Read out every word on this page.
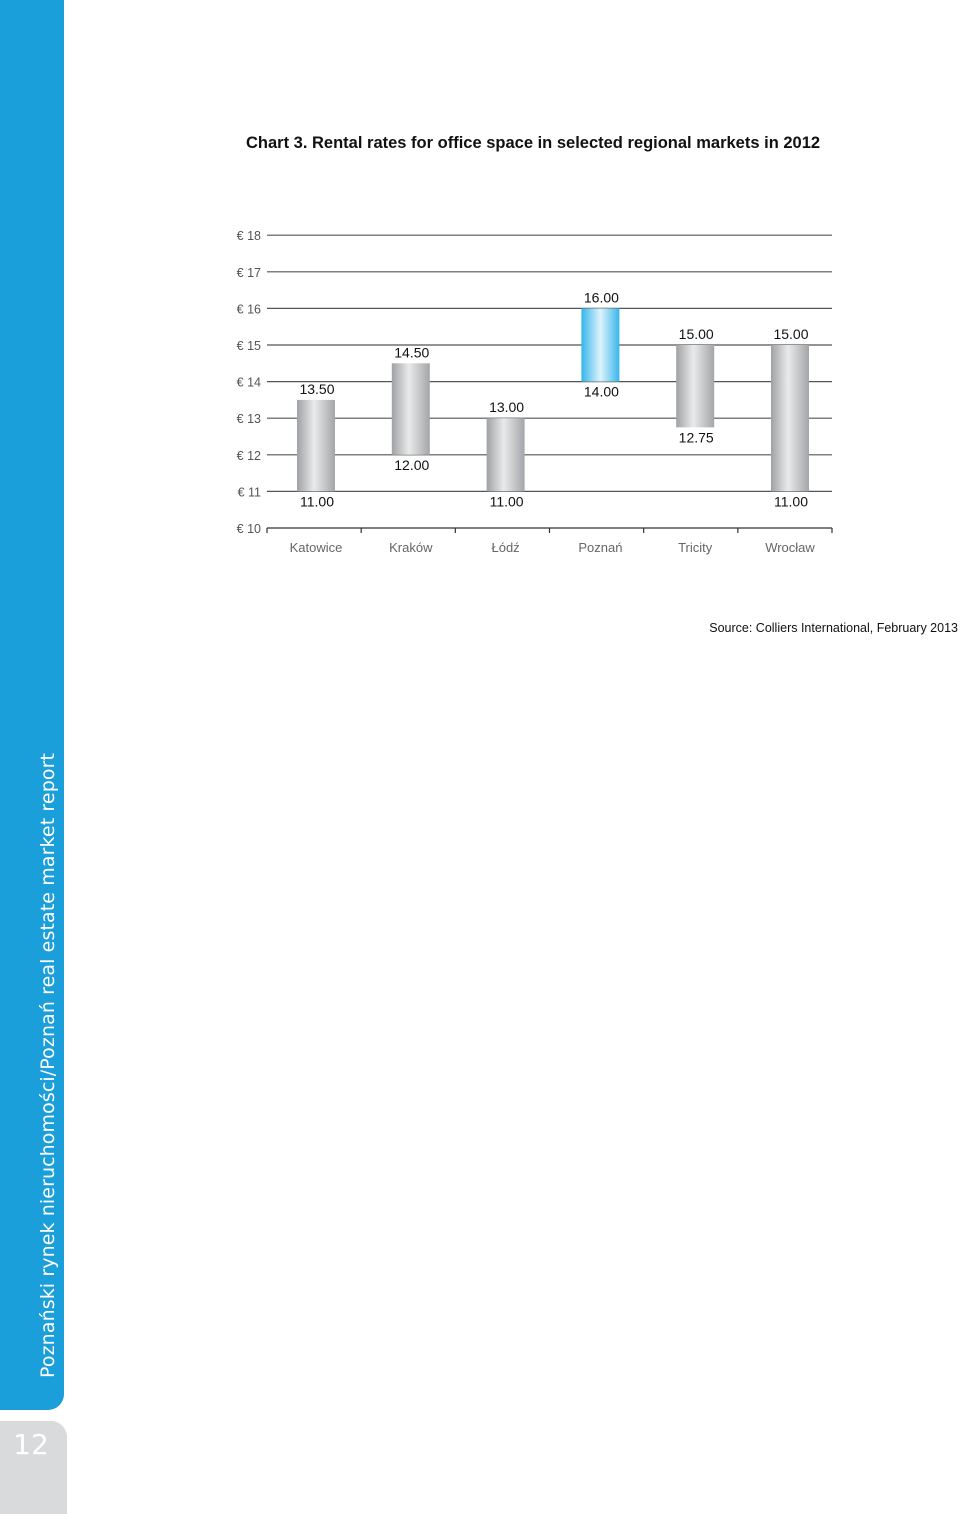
Poznański rynek nieruchomości/Poznań real estate market report
12
Chart 3. Rental rates for office space in selected regional markets in 2012
€ 10
€ 11
€ 12
€ 13
€ 14
€ 15
€ 16
€ 17
€ 18
13.50
11.00
Katowice
14.50
12.00
Kraków
13.00
11.00
Łódź
16.00
14.00
Poznań
15.00
12.75
Tricity
15.00
11.00
Wrocław
Source: Colliers International, February 2013
